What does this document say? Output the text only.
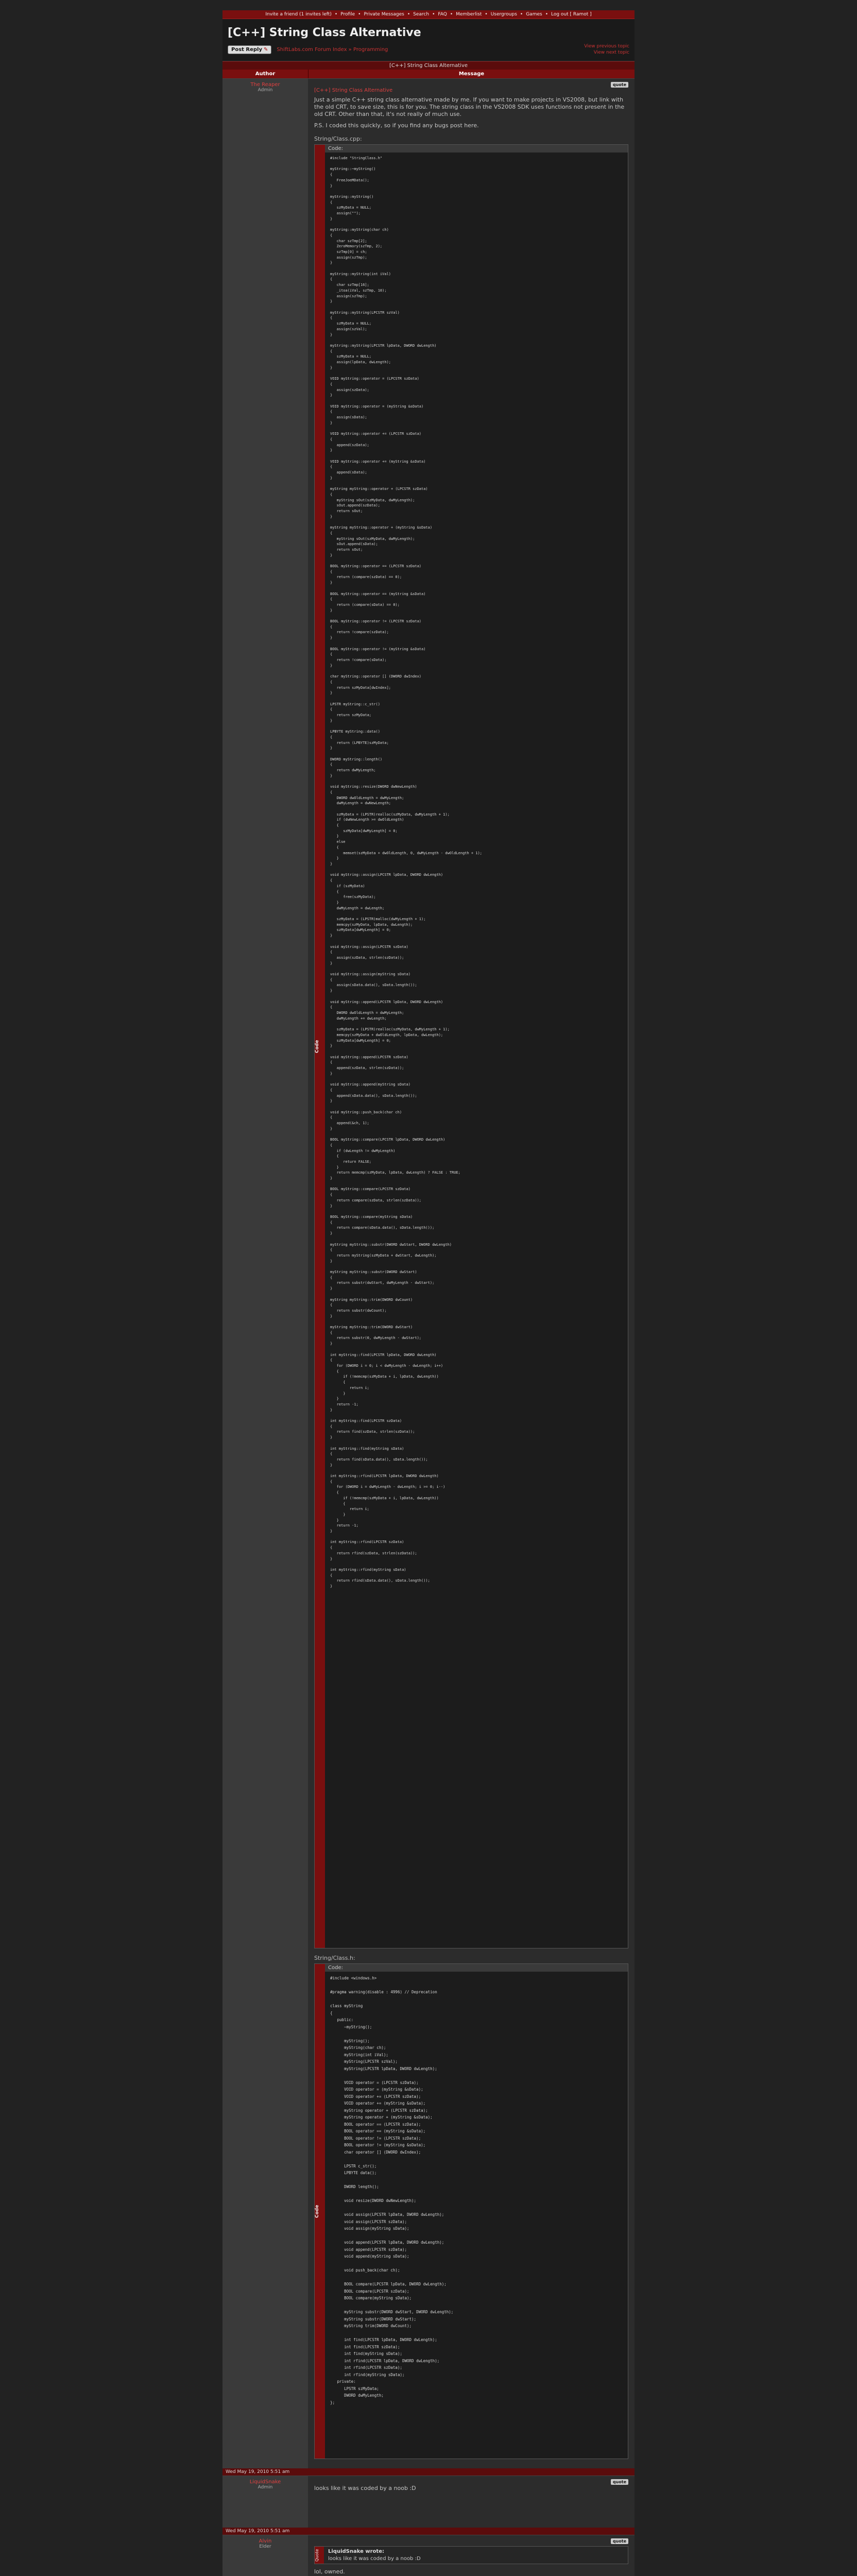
Invite a friend (1 invites left) • Profile • Private Messages • Search • FAQ • Memberlist • Usergroups • Games • Log out [ Ramot ]
[C++] String Class Alternative
Post Reply ✎	ShiftLabs.com Forum Index » Programming
View previous topic
View next topic
[C++] String Class Alternative
Author	Message
The Reaper
Admin
quote
[C++] String Class Alternative

Just a simple C++ string class alternative made by me. If you want to make projects in VS2008, but link with the old CRT, to save size, this is for you. The string class in the VS2008 SDK uses functions not present in the old CRT. Other than that, it's not really of much use.

P.S. I coded this quickly, so if you find any bugs post here.

String/Class.cpp:
Code
Code:
#include "StringClass.h"

myString::~myString()
{
FreeJoeMData();
}

myString::myString()
{
szMyData = NULL;
assign("");
}

myString::myString(char ch)
{
char szTmp[2];
ZeroMemory(szTmp, 2);
szTmp[0] = ch;
assign(szTmp);
}

myString::myString(int iVal)
{
char szTmp[16];
_itoa(iVal, szTmp, 10);
assign(szTmp);
}

myString::myString(LPCSTR szVal)
{
szMyData = NULL;
assign(szVal);
}

myString::myString(LPCSTR lpData, DWORD dwLength)
{
szMyData = NULL;
assign(lpData, dwLength);
}

VOID myString::operator = (LPCSTR szData)
{
assign(szData);
}

VOID myString::operator = (myString &sData)
{
assign(sData);
}

VOID myString::operator += (LPCSTR szData)
{
append(szData);
}

VOID myString::operator += (myString &sData)
{
append(sData);
}

myString myString::operator + (LPCSTR szData)
{
myString sOut(szMyData, dwMyLength);
sOut.append(szData);
return sOut;
}

myString myString::operator + (myString &sData)
{
myString sOut(szMyData, dwMyLength);
sOut.append(sData);
return sOut;
}

BOOL myString::operator == (LPCSTR szData)
{
return (compare(szData) == 0);
}

BOOL myString::operator == (myString &sData)
{
return (compare(sData) == 0);
}

BOOL myString::operator != (LPCSTR szData)
{
return !compare(szData);
}

BOOL myString::operator != (myString &sData)
{
return !compare(sData);
}

char myString::operator [] (DWORD dwIndex)
{
return szMyData[dwIndex];
}

LPSTR myString::c_str()
{
return szMyData;
}

LPBYTE myString::data()
{
return (LPBYTE)szMyData;
}

DWORD myString::length()
{
return dwMyLength;
}

void myString::resize(DWORD dwNewLength)
{
DWORD dwOldLength = dwMyLength;
dwMyLength = dwNewLength;

szMyData = (LPSTR)realloc(szMyData, dwMyLength + 1);
if (dwNewLength >= dwOldLength)
{
szMyData[dwMyLength] = 0;
}
else
{
memset(szMyData + dwOldLength, 0, dwMyLength - dwOldLength + 1);
}
}

void myString::assign(LPCSTR lpData, DWORD dwLength)
{
if (szMyData)
{
free(szMyData);
}
dwMyLength = dwLength;

szMyData = (LPSTR)malloc(dwMyLength + 1);
memcpy(szMyData, lpData, dwLength);
szMyData[dwMyLength] = 0;
}

void myString::assign(LPCSTR szData)
{
assign(szData, strlen(szData));
}

void myString::assign(myString sData)
{
assign(sData.data(), sData.length());
}

void myString::append(LPCSTR lpData, DWORD dwLength)
{
DWORD dwOldLength = dwMyLength;
dwMyLength += dwLength;

szMyData = (LPSTR)realloc(szMyData, dwMyLength + 1);
memcpy(szMyData + dwOldLength, lpData, dwLength);
szMyData[dwMyLength] = 0;
}

void myString::append(LPCSTR szData)
{
append(szData, strlen(szData));
}

void myString::append(myString sData)
{
append(sData.data(), sData.length());
}

void myString::push_back(char ch)
{
append(&ch, 1);
}

BOOL myString::compare(LPCSTR lpData, DWORD dwLength)
{
if (dwLength != dwMyLength)
{
return FALSE;
}
return memcmp(szMyData, lpData, dwLength) ? FALSE : TRUE;
}

BOOL myString::compare(LPCSTR szData)
{
return compare(szData, strlen(szData));
}

BOOL myString::compare(myString sData)
{
return compare(sData.data(), sData.length());
}

myString myString::substr(DWORD dwStart, DWORD dwLength)
{
return myString(szMyData + dwStart, dwLength);
}

myString myString::substr(DWORD dwStart)
{
return substr(dwStart, dwMyLength - dwStart);
}

myString myString::trim(DWORD dwCount)
{
return substr(dwCount);
}

myString myString::trim(DWORD dwStart)
{
return substr(0, dwMyLength - dwStart);
}

int myString::find(LPCSTR lpData, DWORD dwLength)
{
for (DWORD i = 0; i < dwMyLength - dwLength; i++)
{
if (!memcmp(szMyData + i, lpData, dwLength))
{
return i;
}
}
return -1;
}

int myString::find(LPCSTR szData)
{
return find(szData, strlen(szData));
}

int myString::find(myString sData)
{
return find(sData.data(), sData.length());
}

int myString::rfind(LPCSTR lpData, DWORD dwLength)
{
for (DWORD i = dwMyLength - dwLength; i >= 0; i--)
{
if (!memcmp(szMyData + i, lpData, dwLength))
{
return i;
}
}
return -1;
}

int myString::rfind(LPCSTR szData)
{
return rfind(szData, strlen(szData));
}

int myString::rfind(myString sData)
{
return rfind(sData.data(), sData.length());
}
String/Class.h:
Code
Code:
#include <windows.h>

#pragma warning(disable : 4996) // Deprecation

class myString
{
public:
~myString();

myString();
myString(char ch);
myString(int iVal);
myString(LPCSTR szVal);
myString(LPCSTR lpData, DWORD dwLength);

VOID operator = (LPCSTR szData);
VOID operator = (myString &sData);
VOID operator += (LPCSTR szData);
VOID operator += (myString &sData);
myString operator + (LPCSTR szData);
myString operator + (myString &sData);
BOOL operator == (LPCSTR szData);
BOOL operator == (myString &sData);
BOOL operator != (LPCSTR szData);
BOOL operator != (myString &sData);
char operator [] (DWORD dwIndex);

LPSTR c_str();
LPBYTE data();

DWORD length();

void resize(DWORD dwNewLength);

void assign(LPCSTR lpData, DWORD dwLength);
void assign(LPCSTR szData);
void assign(myString sData);

void append(LPCSTR lpData, DWORD dwLength);
void append(LPCSTR szData);
void append(myString sData);

void push_back(char ch);

BOOL compare(LPCSTR lpData, DWORD dwLength);
BOOL compare(LPCSTR szData);
BOOL compare(myString sData);

myString substr(DWORD dwStart, DWORD dwLength);
myString substr(DWORD dwStart);
myString trim(DWORD dwCount);

int find(LPCSTR lpData, DWORD dwLength);
int find(LPCSTR szData);
int find(myString sData);
int rfind(LPCSTR lpData, DWORD dwLength);
int rfind(LPCSTR szData);
int rfind(myString sData);
private:
LPSTR szMyData;
DWORD dwMyLength;
};
Wed May 19, 2010 5:51 am
LiquidSnake
Admin
quote

looks like it was coded by a noob :D

Wed May 19, 2010 5:51 am
Alvin
Elder
quote
Quote	LiquidSnake wrote:
looks like it was coded by a noob :D

lol, owned.
